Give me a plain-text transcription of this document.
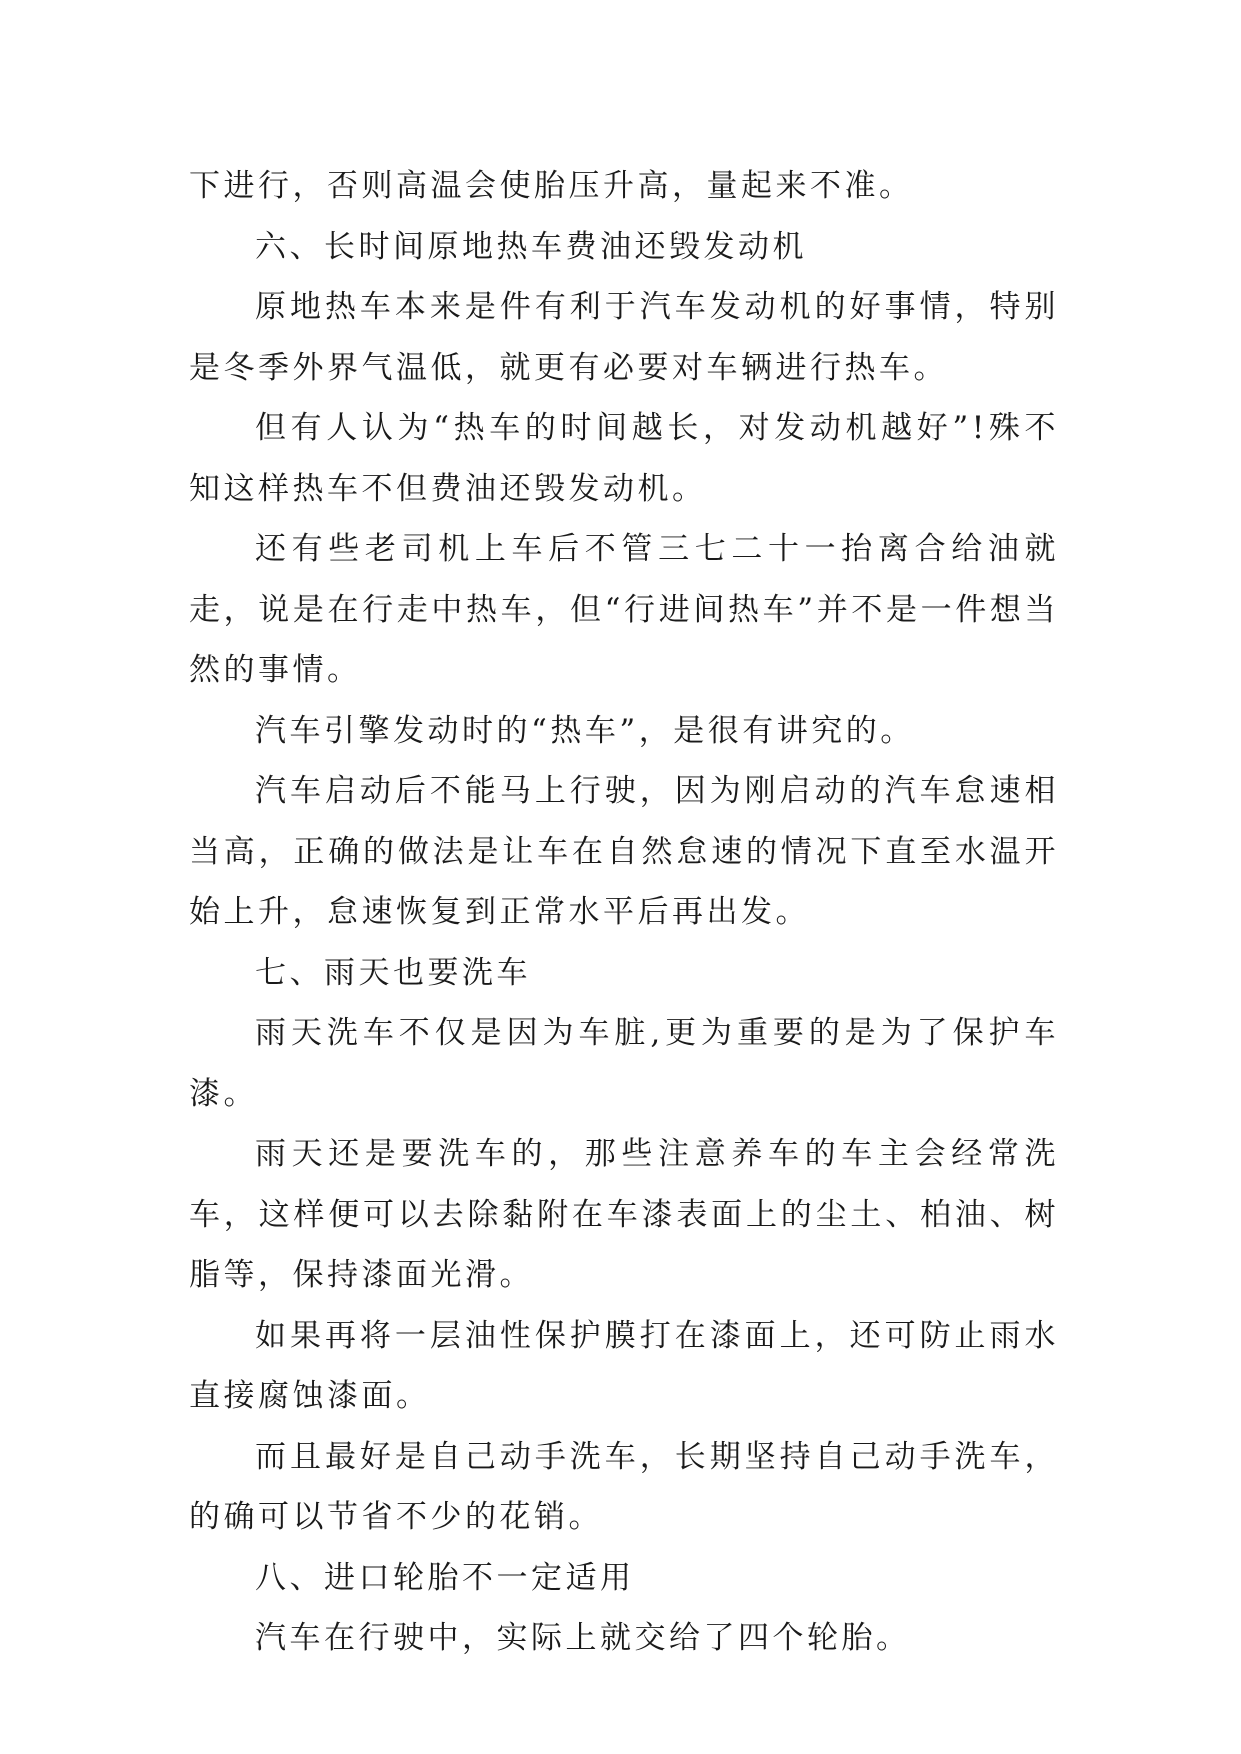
下进行，否则高温会使胎压升高，量起来不准。

六、长时间原地热车费油还毁发动机

原地热车本来是件有利于汽车发动机的好事情，特别是冬季外界气温低，就更有必要对车辆进行热车。

但有人认为“热车的时间越长，对发动机越好”!殊不知这样热车不但费油还毁发动机。

还有些老司机上车后不管三七二十一抬离合给油就走，说是在行走中热车，但“行进间热车”并不是一件想当然的事情。

汽车引擎发动时的“热车”，是很有讲究的。

汽车启动后不能马上行驶，因为刚启动的汽车怠速相当高，正确的做法是让车在自然怠速的情况下直至水温开始上升，怠速恢复到正常水平后再出发。

七、雨天也要洗车

雨天洗车不仅是因为车脏,更为重要的是为了保护车漆。

雨天还是要洗车的，那些注意养车的车主会经常洗车，这样便可以去除黏附在车漆表面上的尘土、柏油、树脂等，保持漆面光滑。

如果再将一层油性保护膜打在漆面上，还可防止雨水直接腐蚀漆面。

而且最好是自己动手洗车，长期坚持自己动手洗车，的确可以节省不少的花销。

八、进口轮胎不一定适用

汽车在行驶中，实际上就交给了四个轮胎。
